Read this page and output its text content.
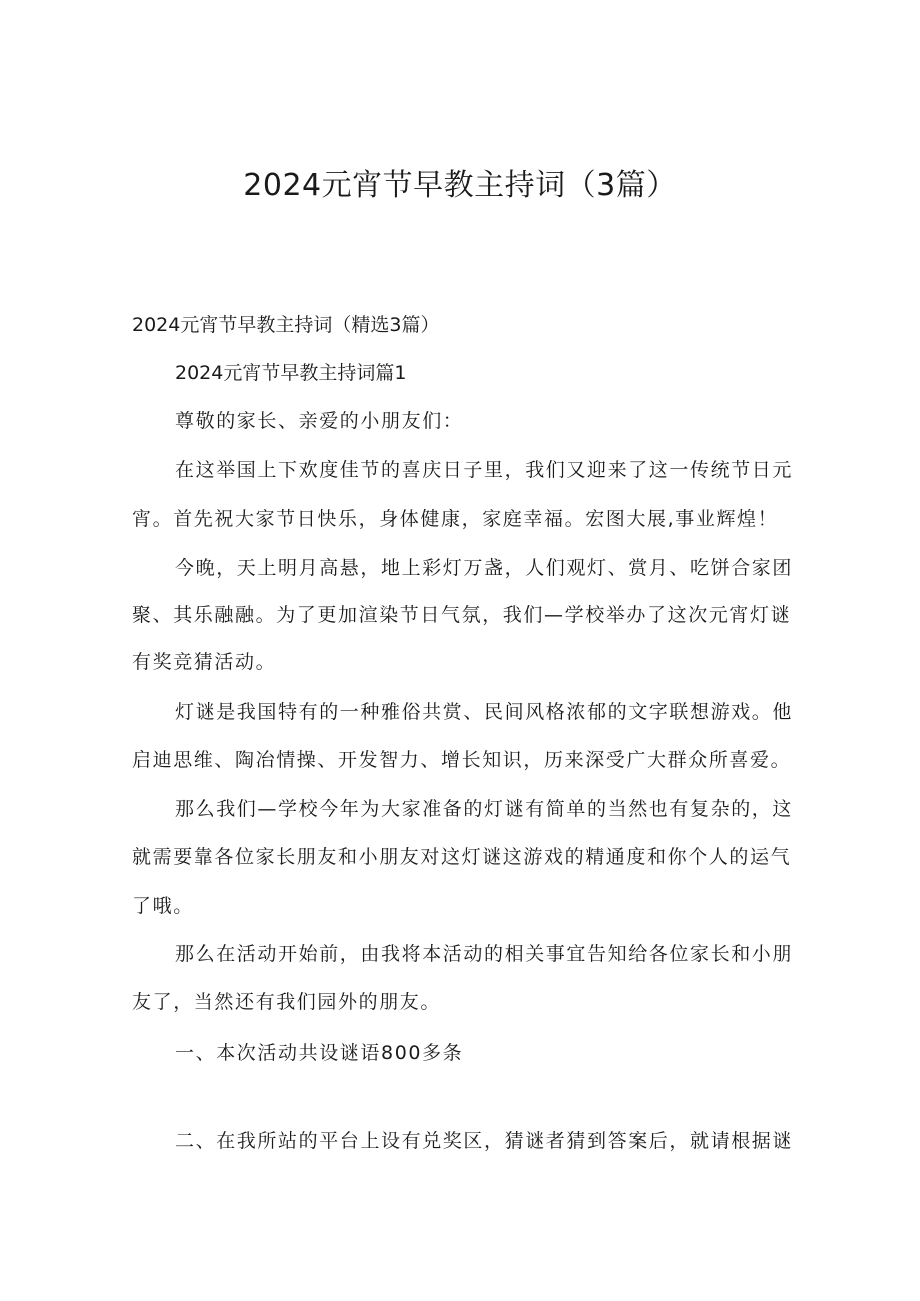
2024元宵节早教主持词（3篇）
2024元宵节早教主持词（精选3篇）
2024元宵节早教主持词篇1
尊敬的家长、亲爱的小朋友们：
在这举国上下欢度佳节的喜庆日子里，我们又迎来了这一传统节日元
宵。首先祝大家节日快乐，身体健康，家庭幸福。宏图大展,事业辉煌！
今晚，天上明月高悬，地上彩灯万盏，人们观灯、赏月、吃饼合家团
聚、其乐融融。为了更加渲染节日气氛，我们—学校举办了这次元宵灯谜
有奖竞猜活动。
灯谜是我国特有的一种雅俗共赏、民间风格浓郁的文字联想游戏。他
启迪思维、陶冶情操、开发智力、增长知识，历来深受广大群众所喜爱。
那么我们—学校今年为大家准备的灯谜有简单的当然也有复杂的，这
就需要靠各位家长朋友和小朋友对这灯谜这游戏的精通度和你个人的运气
了哦。
那么在活动开始前，由我将本活动的相关事宜告知给各位家长和小朋
友了，当然还有我们园外的朋友。
一、本次活动共设谜语800多条
二、在我所站的平台上设有兑奖区，猜谜者猜到答案后，就请根据谜
